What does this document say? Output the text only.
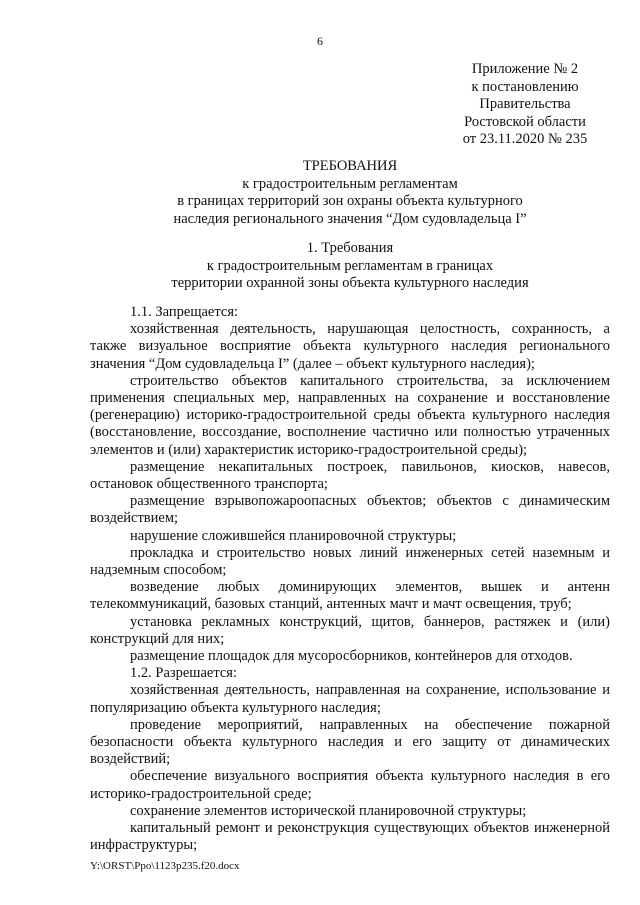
6
Приложение № 2
к постановлению
Правительства
Ростовской области
от 23.11.2020 № 235
ТРЕБОВАНИЯ
к градостроительным регламентам
в границах территорий зон охраны объекта культурного
наследия регионального значения “Дом судовладельца I”
1. Требования
к градостроительным регламентам в границах
территории охранной зоны объекта культурного наследия

1.1. Запрещается:

хозяйственная деятельность, нарушающая целостность, сохранность, а также визуальное восприятие объекта культурного наследия регионального значения “Дом судовладельца I” (далее – объект культурного наследия);

строительство объектов капитального строительства, за исключением применения специальных мер, направленных на сохранение и восстановление (регенерацию) историко-градостроительной среды объекта культурного наследия (восстановление, воссоздание, восполнение частично или полностью утраченных элементов и (или) характеристик историко-градостроительной среды);

размещение некапитальных построек, павильонов, киосков, навесов, остановок общественного транспорта;

размещение взрывопожароопасных объектов; объектов с динамическим воздействием;

нарушение сложившейся планировочной структуры;

прокладка и строительство новых линий инженерных сетей наземным и надземным способом;

возведение любых доминирующих элементов, вышек и антенн телекоммуникаций, базовых станций, антенных мачт и мачт освещения, труб;

установка рекламных конструкций, щитов, баннеров, растяжек и (или) конструкций для них;

размещение площадок для мусоросборников, контейнеров для отходов.

1.2. Разрешается:

хозяйственная деятельность, направленная на сохранение, использование и популяризацию объекта культурного наследия;

проведение мероприятий, направленных на обеспечение пожарной безопасности объекта культурного наследия и его защиту от динамических воздействий;

обеспечение визуального восприятия объекта культурного наследия в его историко-градостроительной среде;

сохранение элементов исторической планировочной структуры;

капитальный ремонт и реконструкция существующих объектов инженерной инфраструктуры;

Y:\ORST\Ppo\1123p235.f20.docx
